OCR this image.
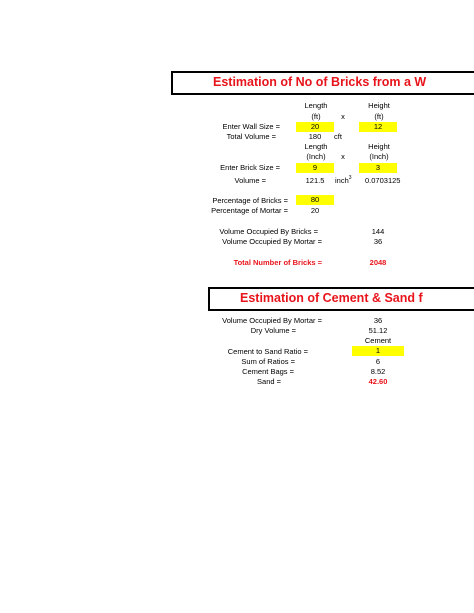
Estimation of No of Bricks from a W
Length	Height
(ft)	x	(ft)
Enter Wall Size =	20	12
Total Volume =	180	cft
Length	Height
(Inch)	x	(Inch)
Enter Brick Size =	9	3
Volume =	121.5	inch$^3$ 0.0703125
Percentage of Bricks =	80
Percentage of Mortar =	20
Volume Occupied By Bricks =	144
Volume Occupied By Mortar =	36
Total Number of Bricks =	2048
Estimation of Cement & Sand f
Volume Occupied By Mortar =	36
Dry Volume =	51.12
Cement
Cement to Sand Ratio =	1
Sum of Ratios =	6
Cement Bags =	8.52
Sand =	42.60
